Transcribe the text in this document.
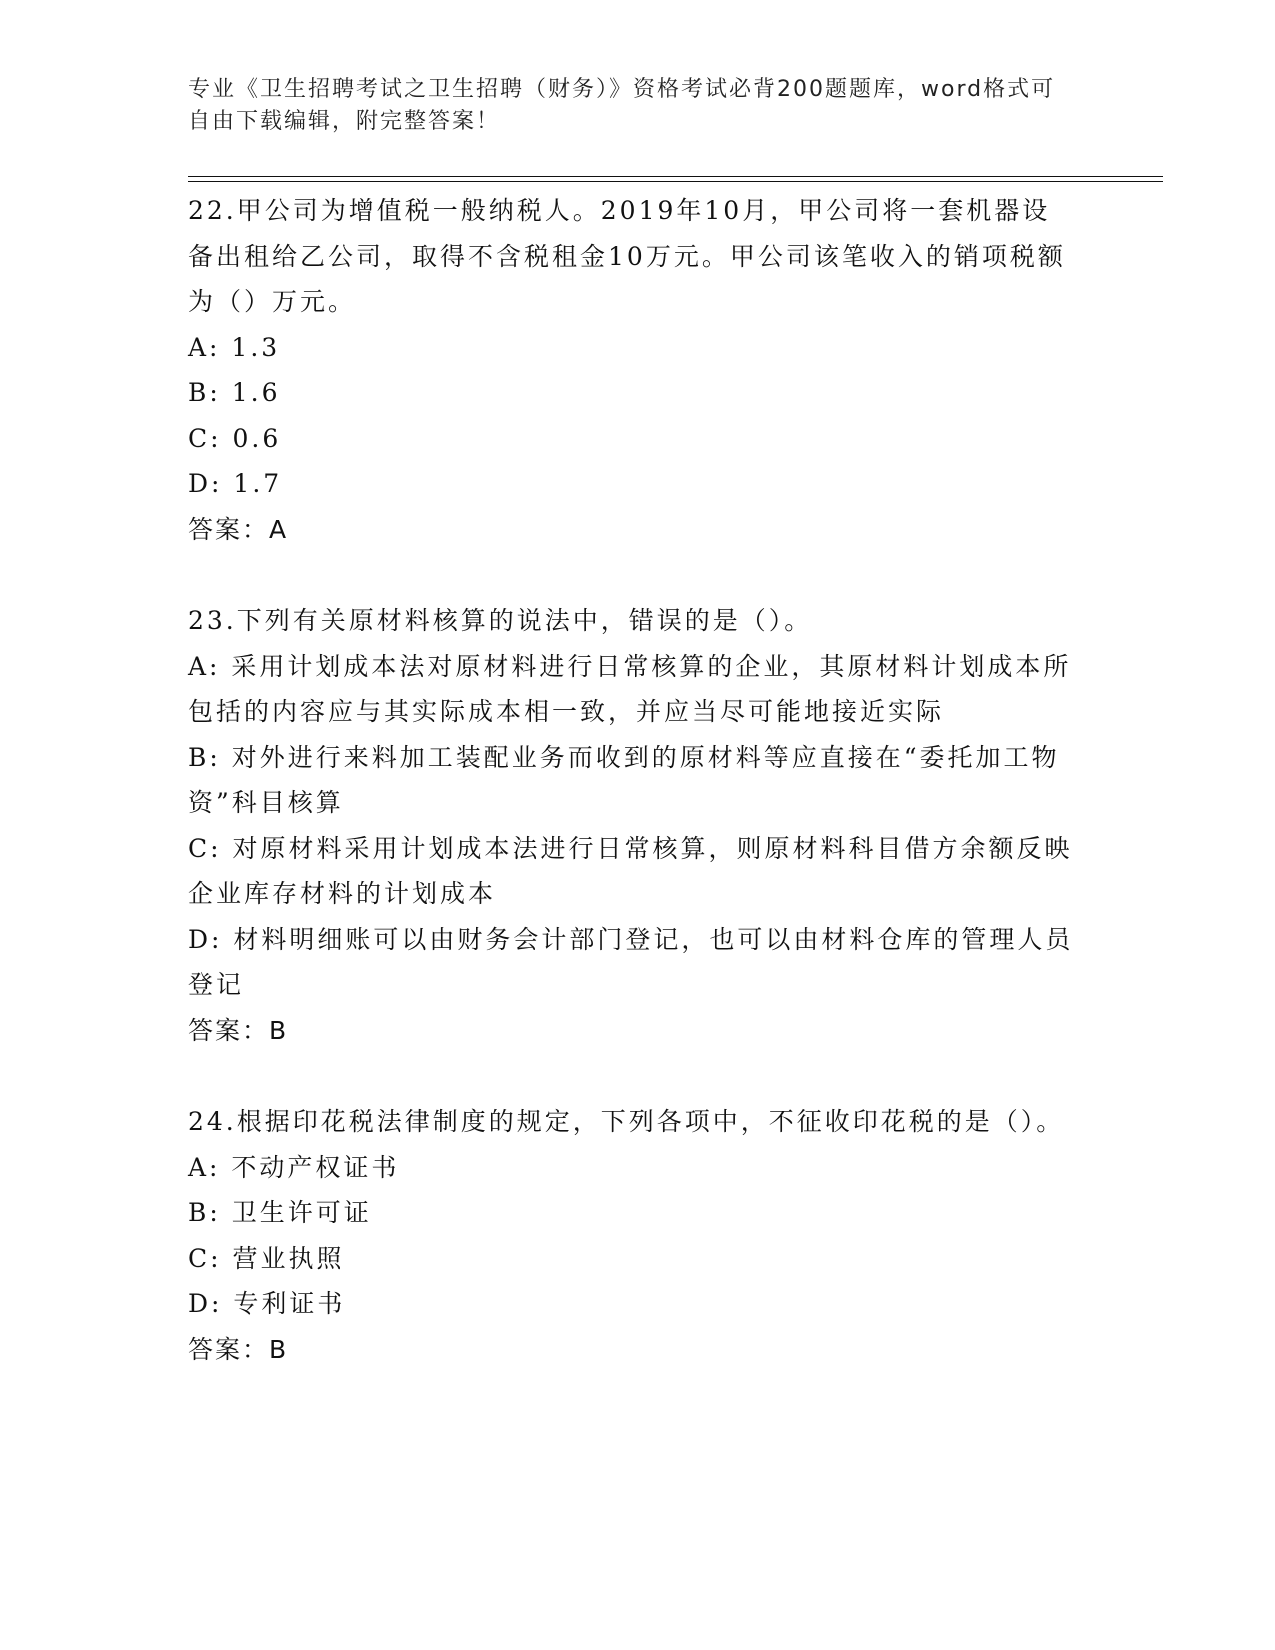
专业《卫生招聘考试之卫生招聘（财务）》资格考试必背200题题库，word格式可自由下载编辑，附完整答案！
22.甲公司为增值税一般纳税人。2019年10月，甲公司将一套机器设备出租给乙公司，取得不含税租金10万元。甲公司该笔收入的销项税额为（）万元。
A: 1.3
B: 1.6
C: 0.6
D: 1.7
答案：A
23.下列有关原材料核算的说法中，错误的是（）。
A: 采用计划成本法对原材料进行日常核算的企业，其原材料计划成本所包括的内容应与其实际成本相一致，并应当尽可能地接近实际
B: 对外进行来料加工装配业务而收到的原材料等应直接在“委托加工物资”科目核算
C: 对原材料采用计划成本法进行日常核算，则原材料科目借方余额反映企业库存材料的计划成本
D: 材料明细账可以由财务会计部门登记，也可以由材料仓库的管理人员登记
答案：B
24.根据印花税法律制度的规定，下列各项中，不征收印花税的是（）。
A: 不动产权证书
B: 卫生许可证
C: 营业执照
D: 专利证书
答案：B
